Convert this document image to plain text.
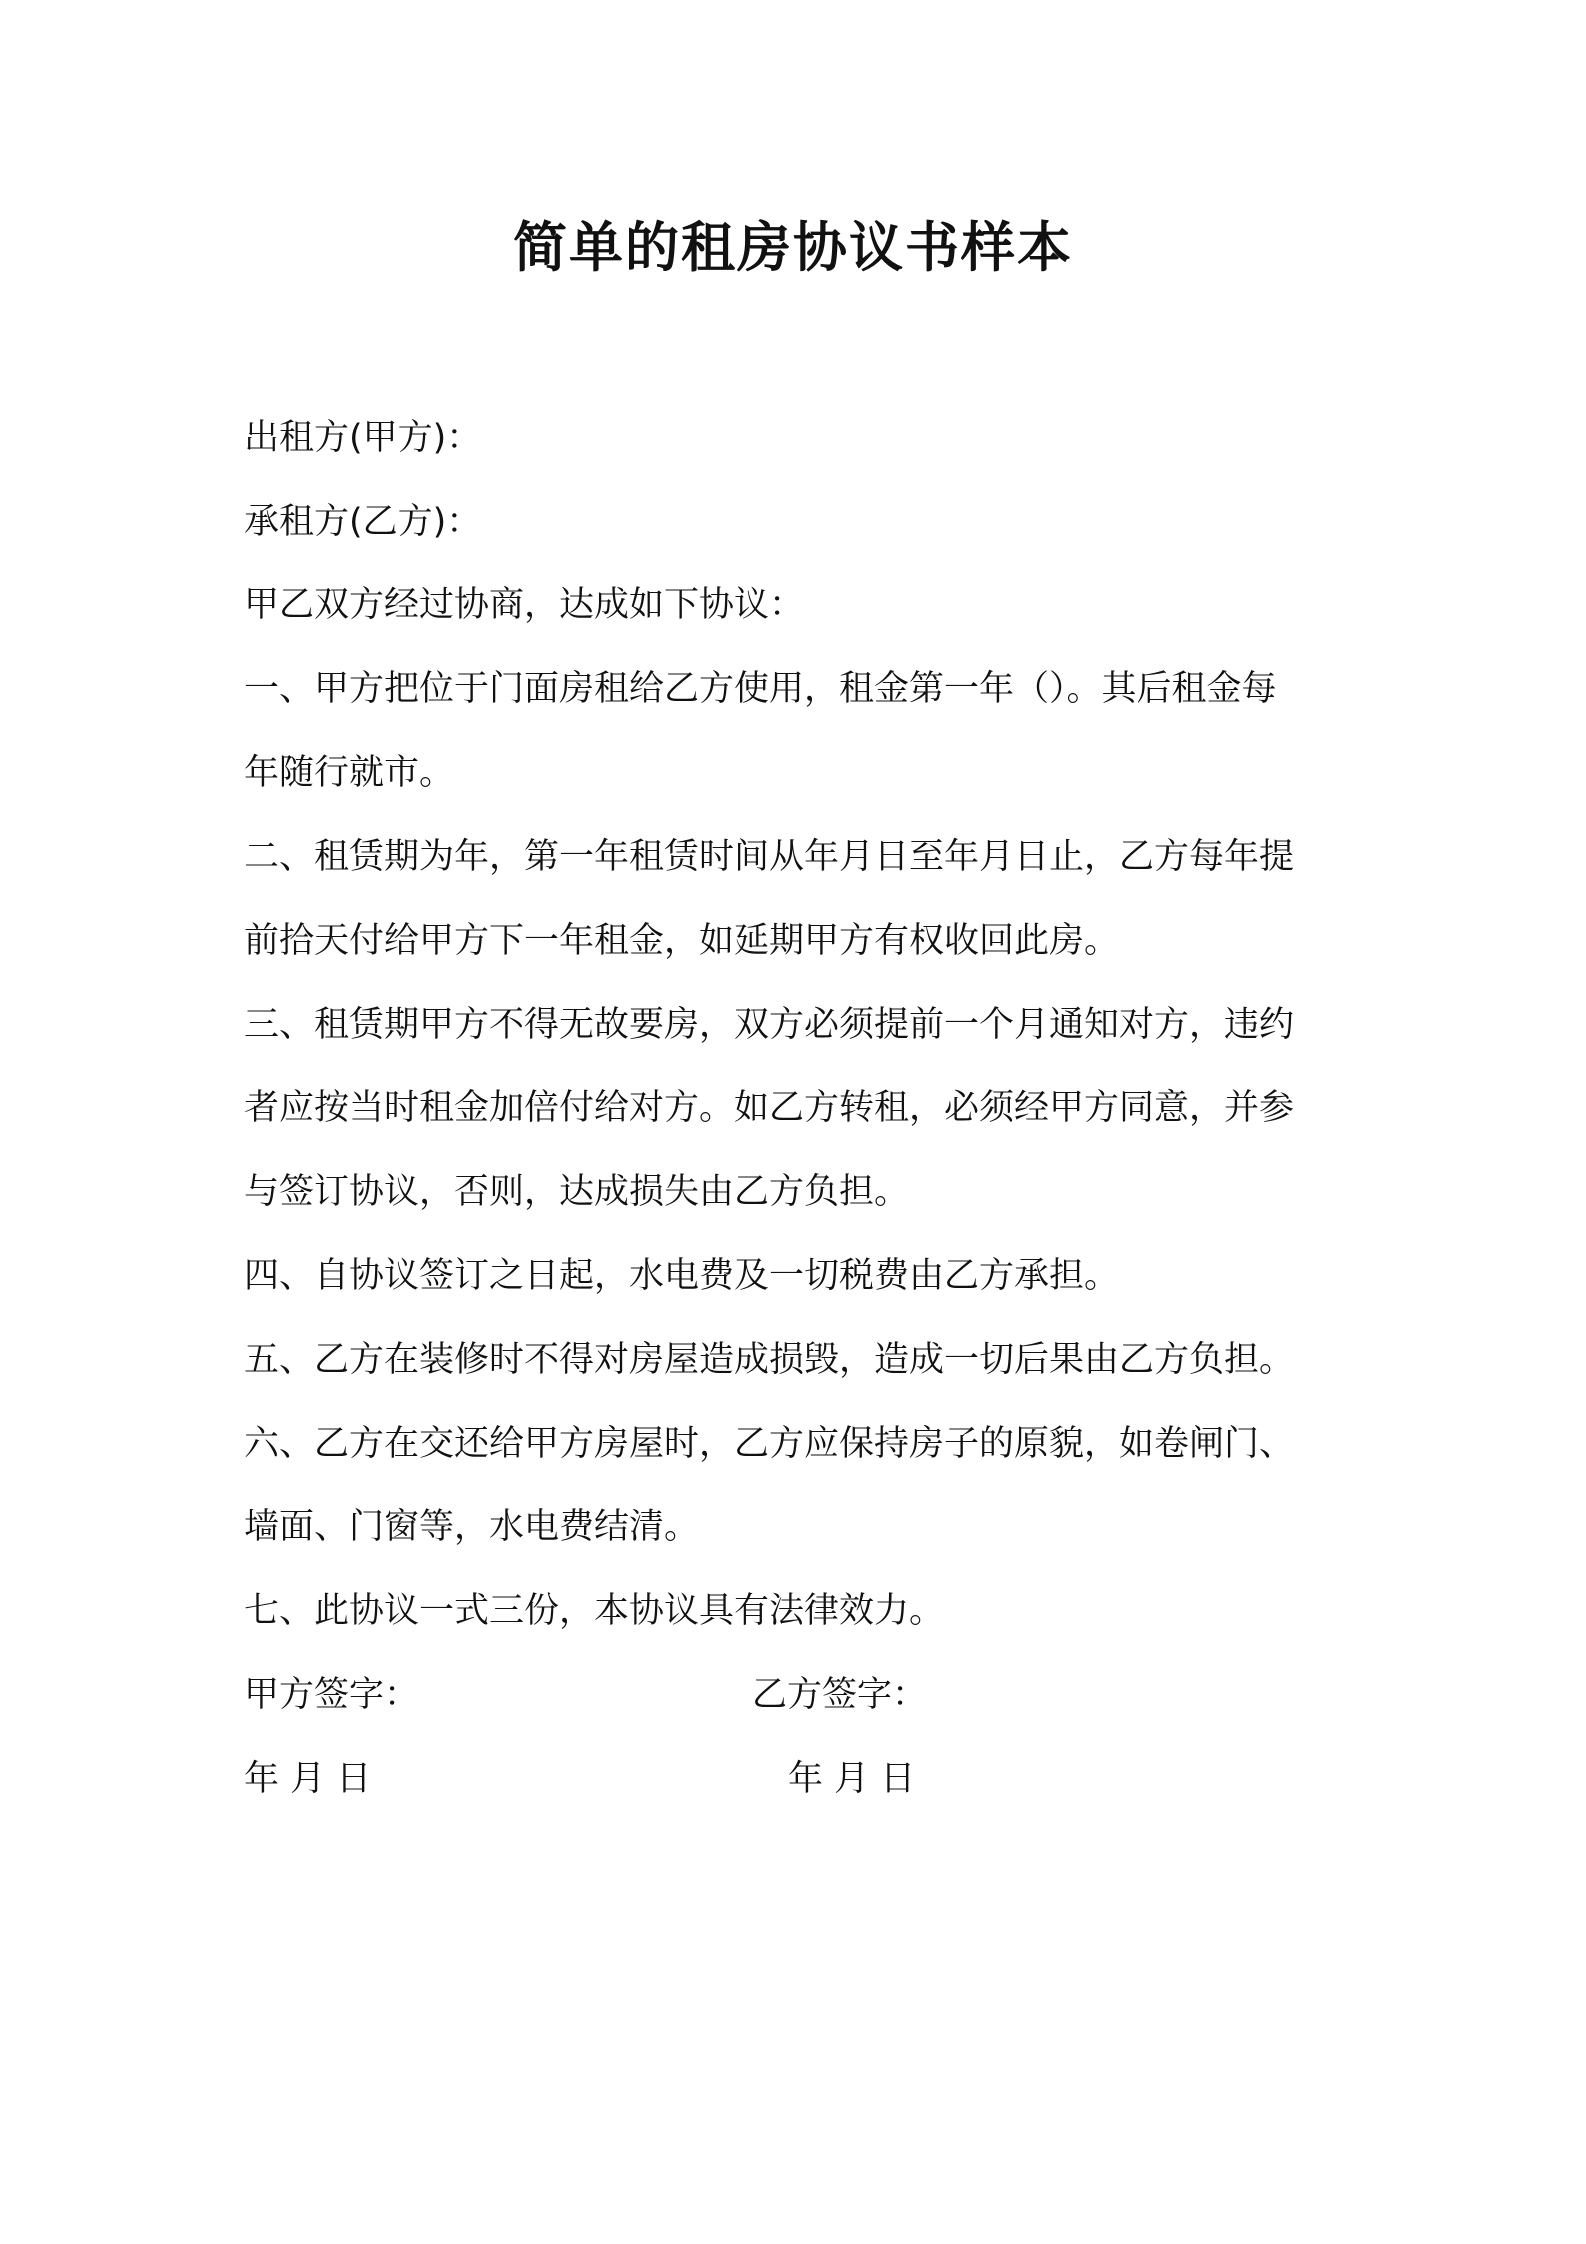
简单的租房协议书样本
出租方(甲方)：
承租方(乙方)：
甲乙双方经过协商，达成如下协议：
一、甲方把位于门面房租给乙方使用，租金第一年（）。其后租金每
年随行就市。
二、租赁期为年，第一年租赁时间从年月日至年月日止，乙方每年提
前拾天付给甲方下一年租金，如延期甲方有权收回此房。
三、租赁期甲方不得无故要房，双方必须提前一个月通知对方，违约
者应按当时租金加倍付给对方。如乙方转租，必须经甲方同意，并参
与签订协议，否则，达成损失由乙方负担。
四、自协议签订之日起，水电费及一切税费由乙方承担。
五、乙方在装修时不得对房屋造成损毁，造成一切后果由乙方负担。
六、乙方在交还给甲方房屋时，乙方应保持房子的原貌，如卷闸门、
墙面、门窗等，水电费结清。
七、此协议一式三份，本协议具有法律效力。
甲方签字：	乙方签字：
年 月 日	年 月 日
